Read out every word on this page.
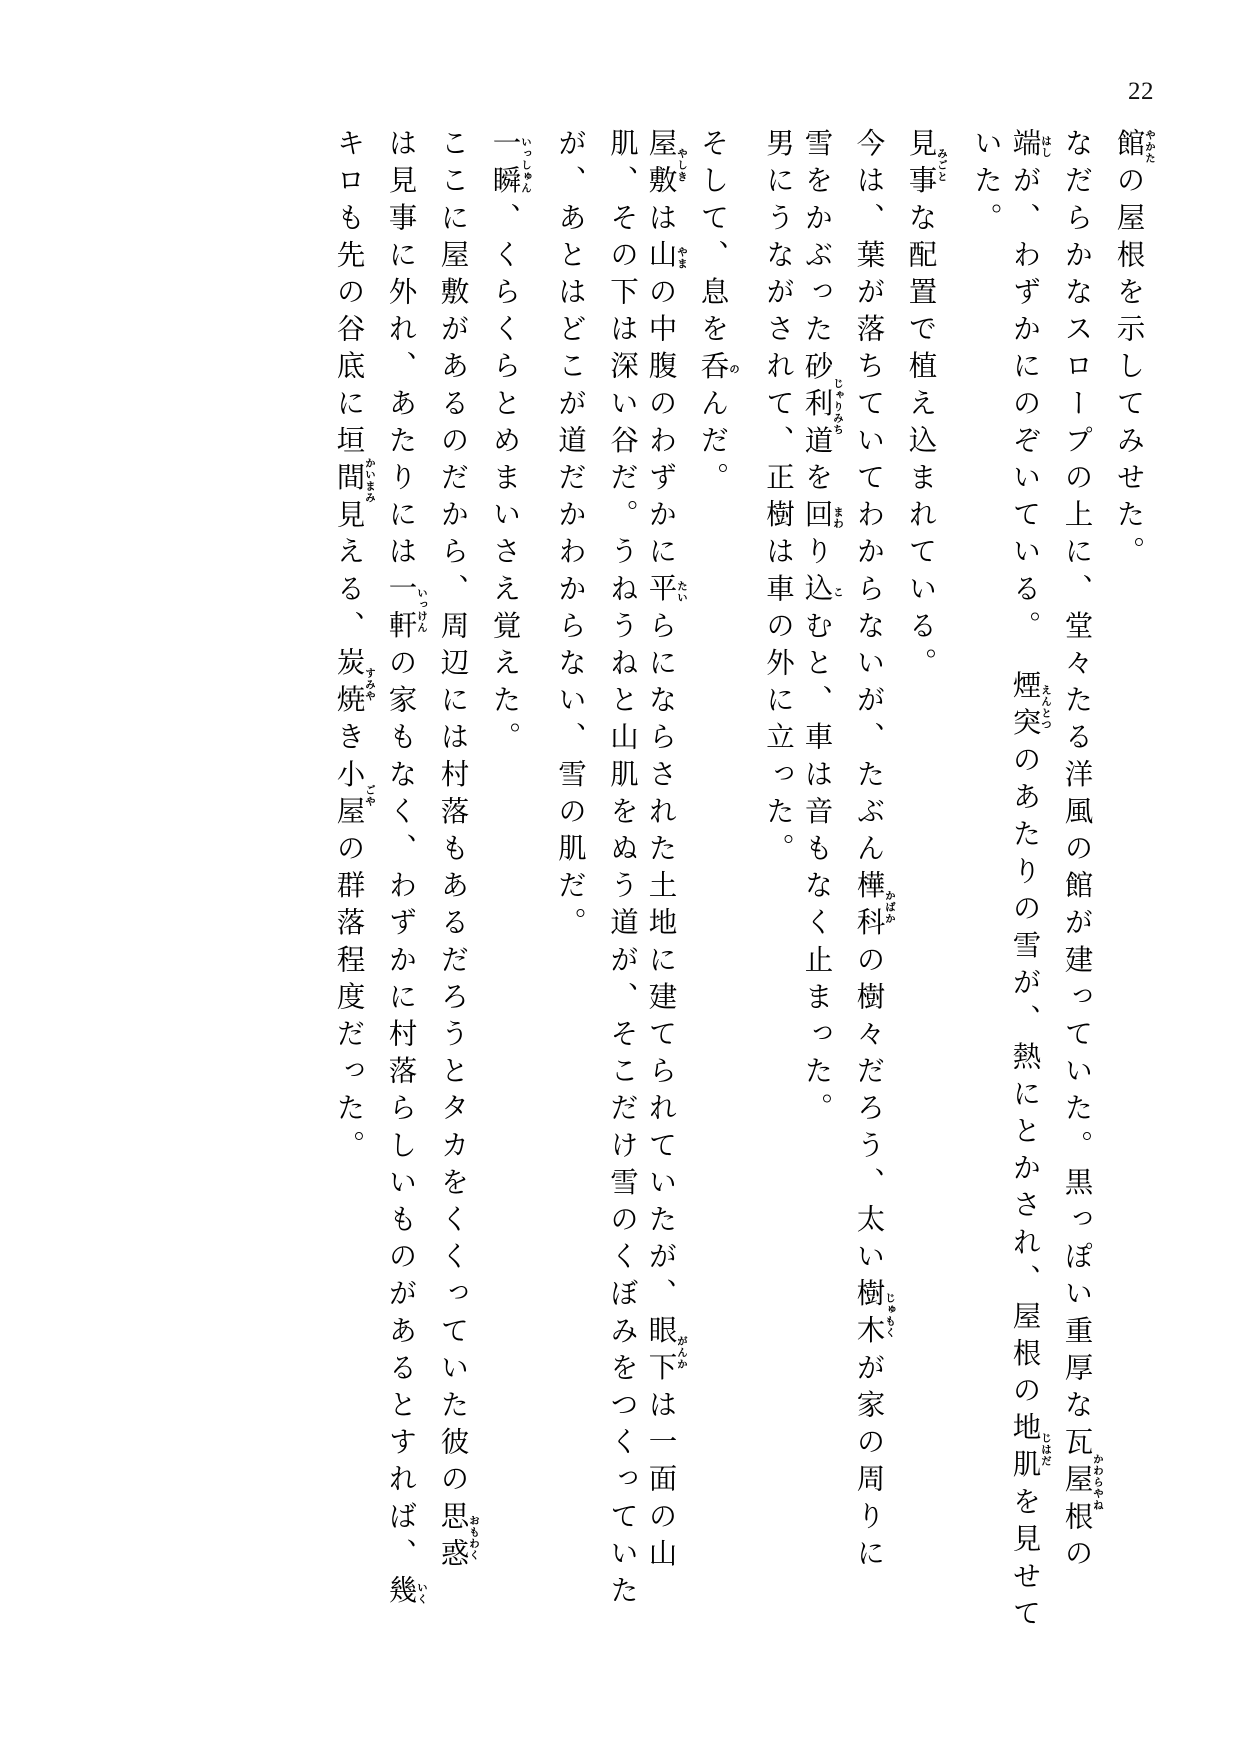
22
館やかたの屋根を示してみせた。
なだらかなスロープの上に、堂々たる洋風の館が建っていた。黒っぽい重厚な瓦屋根かわらやねの
端はしが、わずかにのぞいている。　煙突えんとつのあたりの雪が、熱にとかされ、屋根の地肌じはだを見せて
いた。
見事みごとな配置で植え込まれている。
今は、葉が落ちていてわからないが、たぶん樺科かばかの樹々だろう、太い樹木じゅもくが家の周りに
雪をかぶった砂利道じゃりみちを回まわり込こむと、車は音もなく止まった。
男にうながされて、正樹は車の外に立った。
そして、息を呑のんだ。
屋敷やしきは山やまの中腹のわずかに平たいらにならされた土地に建てられていたが、眼下がんかは一面の山
肌、その下は深い谷だ。うねうねと山肌をぬう道が、そこだけ雪のくぼみをつくっていた
が、あとはどこが道だかわからない、雪の肌だ。
一瞬いっしゅん、くらくらとめまいさえ覚えた。
ここに屋敷があるのだから、周辺には村落もあるだろうとタカをくくっていた彼の思惑おもわく
は見事に外れ、あたりには一軒いっけんの家もなく、わずかに村落らしいものがあるとすれば、幾いく
キロも先の谷底に垣間見かいまみえる、炭焼すみやき小屋ごやの群落程度だった。
